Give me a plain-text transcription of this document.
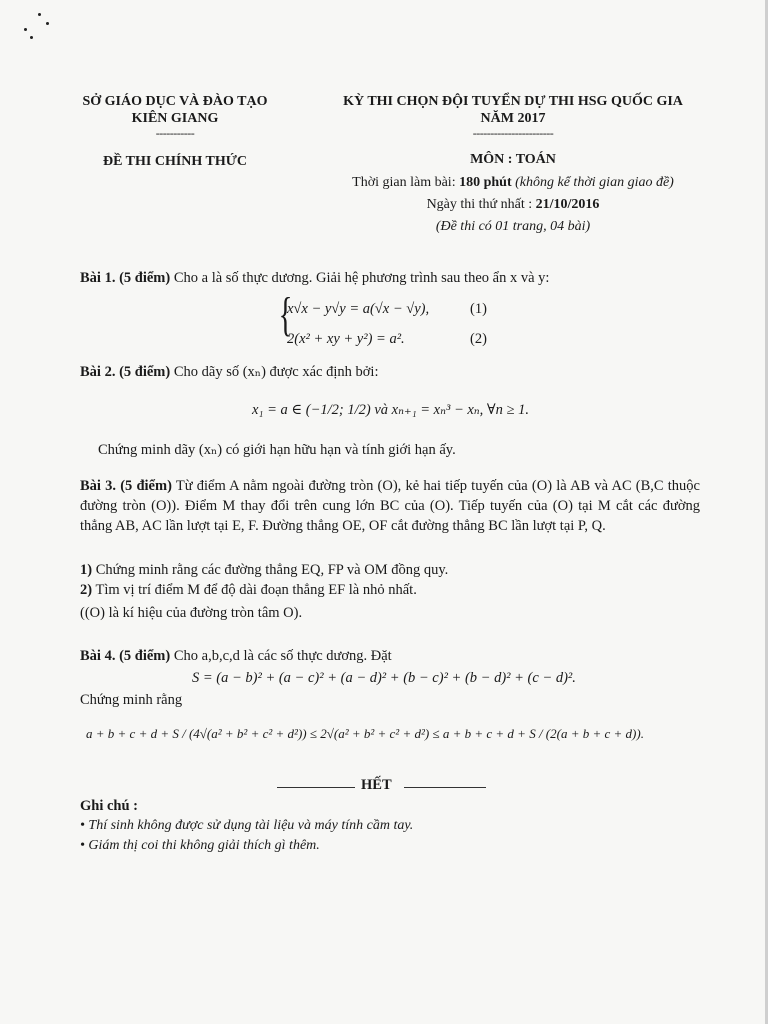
SỞ GIÁO DỤC VÀ ĐÀO TẠO
KIÊN GIANG
-----------
ĐỀ THI CHÍNH THỨC
KỲ THI CHỌN ĐỘI TUYỂN DỰ THI HSG QUỐC GIA
NĂM 2017
-----------------------
MÔN : TOÁN
Thời gian làm bài: 180 phút (không kể thời gian giao đề)
Ngày thi thứ nhất : 21/10/2016
(Đề thi có 01 trang, 04 bài)
Bài 1. (5 điểm) Cho a là số thực dương. Giải hệ phương trình sau theo ẩn x và y:
{
x√x − y√y = a(√x − √y),	(1)
2(x² + xy + y²) = a².	(2)
Bài 2. (5 điểm) Cho dãy số (xₙ) được xác định bởi:
x₁ = a ∈ (−1/2; 1/2) và xₙ₊₁ = xₙ³ − xₙ, ∀n ≥ 1.
Chứng minh dãy (xₙ) có giới hạn hữu hạn và tính giới hạn ấy.
Bài 3. (5 điểm) Từ điểm A nằm ngoài đường tròn (O), kẻ hai tiếp tuyến của (O) là AB và AC (B,C thuộc đường tròn (O)). Điểm M thay đổi trên cung lớn BC của (O). Tiếp tuyến của (O) tại M cắt các đường thẳng AB, AC lần lượt tại E, F. Đường thẳng OE, OF cắt đường thẳng BC lần lượt tại P, Q.
1) Chứng minh rằng các đường thẳng EQ, FP và OM đồng quy.
2) Tìm vị trí điểm M để độ dài đoạn thẳng EF là nhỏ nhất.
((O) là kí hiệu của đường tròn tâm O).
Bài 4. (5 điểm) Cho a,b,c,d là các số thực dương. Đặt
S = (a − b)² + (a − c)² + (a − d)² + (b − c)² + (b − d)² + (c − d)².
Chứng minh rằng
a + b + c + d + S / (4√(a² + b² + c² + d²)) ≤ 2√(a² + b² + c² + d²) ≤ a + b + c + d + S / (2(a + b + c + d)).
HẾT
Ghi chú :
• Thí sinh không được sử dụng tài liệu và máy tính cầm tay.
• Giám thị coi thi không giải thích gì thêm.
